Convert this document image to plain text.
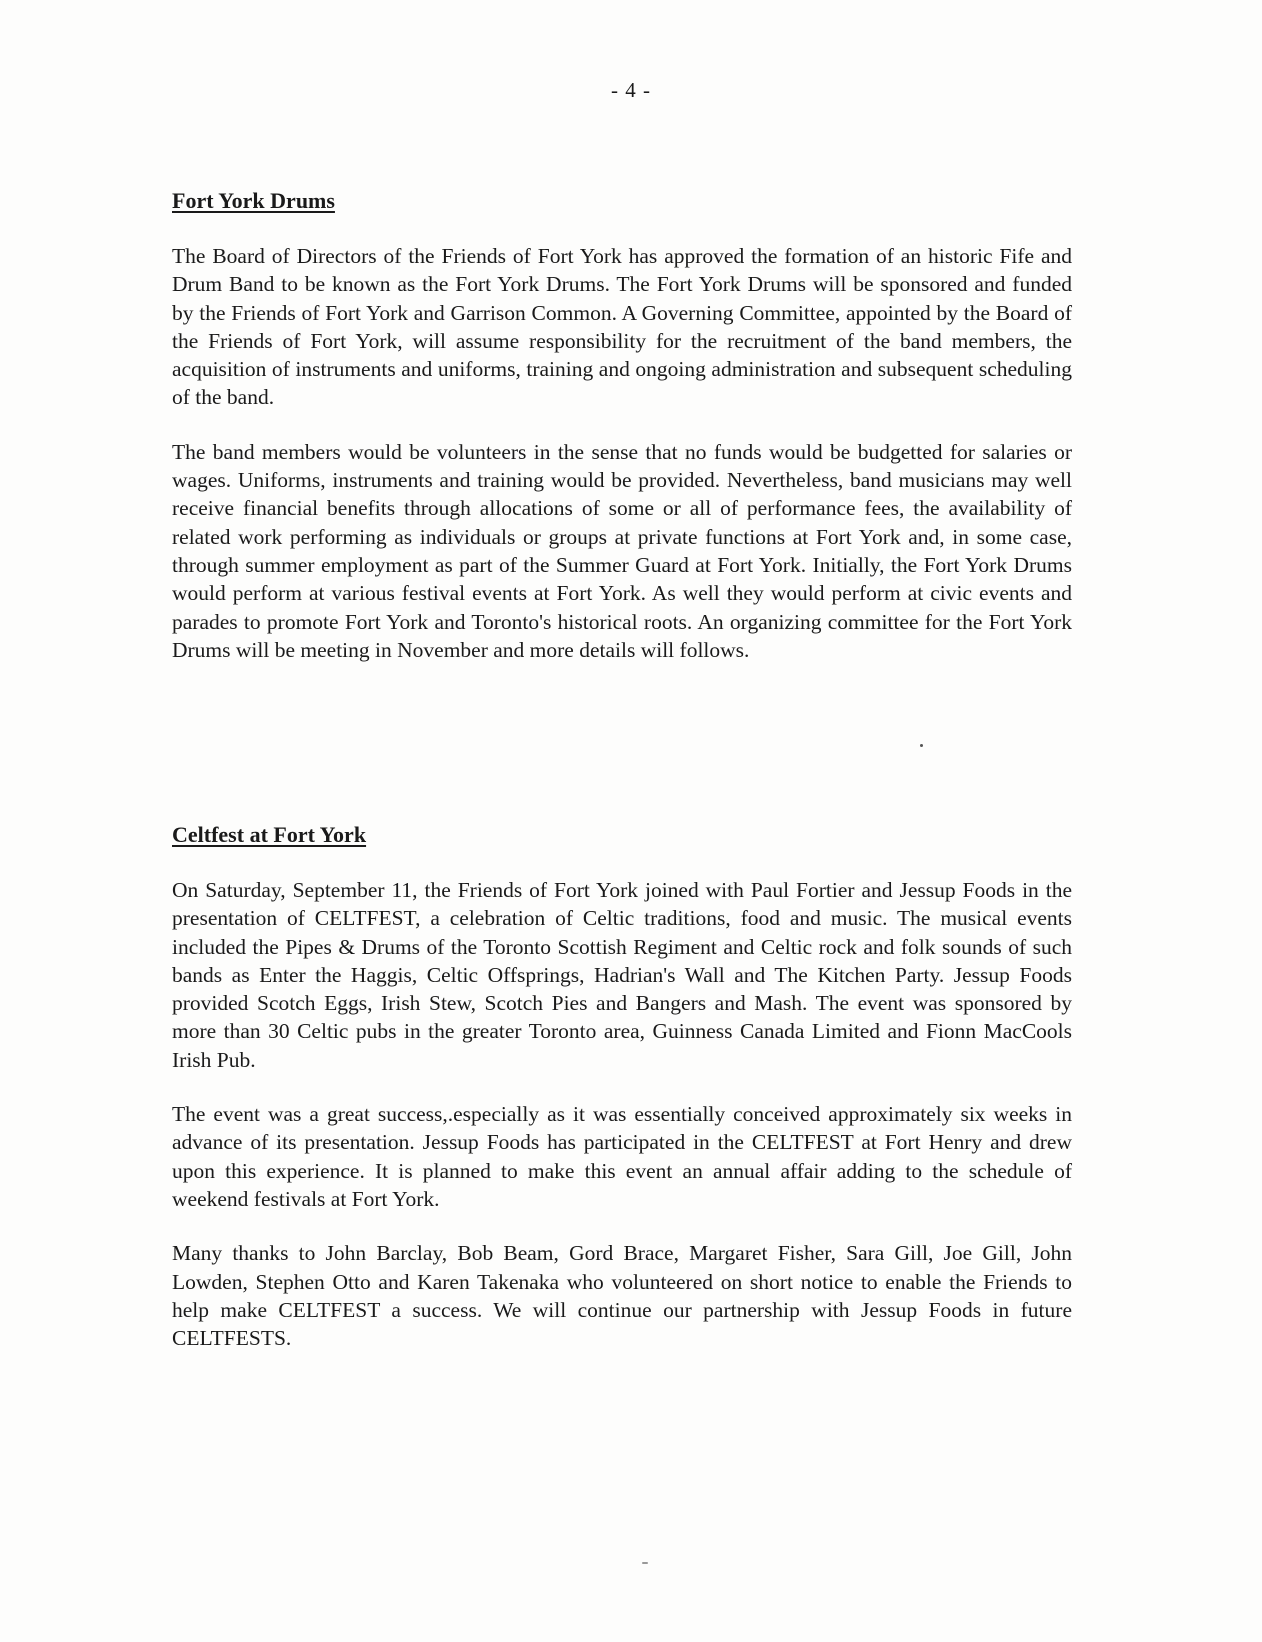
- 4 -
Fort York Drums

The Board of Directors of the Friends of Fort York has approved the formation of an historic Fife and Drum Band to be known as the Fort York Drums. The Fort York Drums will be sponsored and funded by the Friends of Fort York and Garrison Common. A Governing Committee, appointed by the Board of the Friends of Fort York, will assume responsibility for the recruitment of the band members, the acquisition of instruments and uniforms, training and ongoing administration and subsequent scheduling of the band.

The band members would be volunteers in the sense that no funds would be budgetted for salaries or wages. Uniforms, instruments and training would be provided. Nevertheless, band musicians may well receive financial benefits through allocations of some or all of performance fees, the availability of related work performing as individuals or groups at private functions at Fort York and, in some case, through summer employment as part of the Summer Guard at Fort York. Initially, the Fort York Drums would perform at various festival events at Fort York. As well they would perform at civic events and parades to promote Fort York and Toronto's historical roots. An organizing committee for the Fort York Drums will be meeting in November and more details will follows.

Celtfest at Fort York

On Saturday, September 11, the Friends of Fort York joined with Paul Fortier and Jessup Foods in the presentation of CELTFEST, a celebration of Celtic traditions, food and music. The musical events included the Pipes & Drums of the Toronto Scottish Regiment and Celtic rock and folk sounds of such bands as Enter the Haggis, Celtic Offsprings, Hadrian's Wall and The Kitchen Party. Jessup Foods provided Scotch Eggs, Irish Stew, Scotch Pies and Bangers and Mash. The event was sponsored by more than 30 Celtic pubs in the greater Toronto area, Guinness Canada Limited and Fionn MacCools Irish Pub.

The event was a great success,.especially as it was essentially conceived approximately six weeks in advance of its presentation. Jessup Foods has participated in the CELTFEST at Fort Henry and drew upon this experience. It is planned to make this event an annual affair adding to the schedule of weekend festivals at Fort York.

Many thanks to John Barclay, Bob Beam, Gord Brace, Margaret Fisher, Sara Gill, Joe Gill, John Lowden, Stephen Otto and Karen Takenaka who volunteered on short notice to enable the Friends to help make CELTFEST a success. We will continue our partnership with Jessup Foods in future CELTFESTS.
